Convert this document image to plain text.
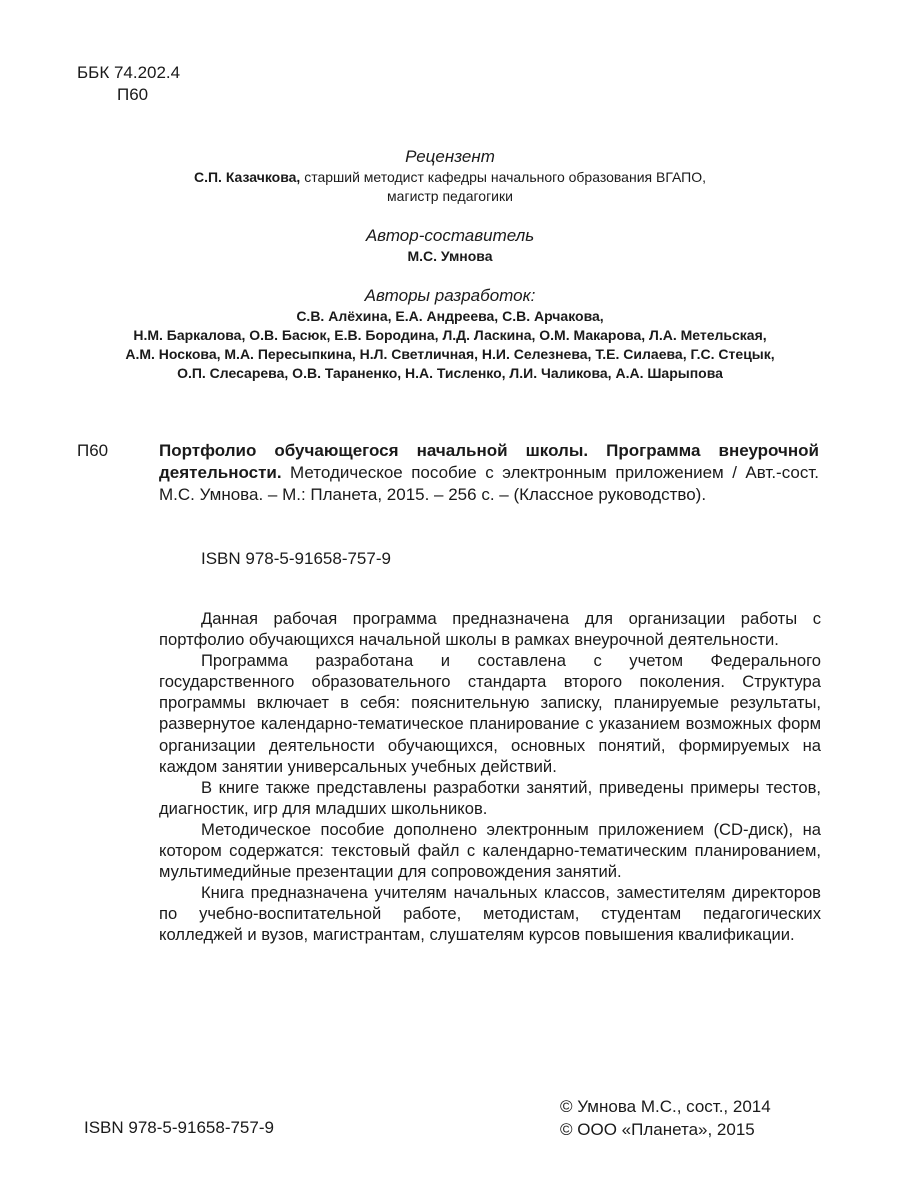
ББК 74.202.4
П60
Рецензент
С.П. Казачкова, старший методист кафедры начального образования ВГАПО,
магистр педагогики
Автор-составитель
М.С. Умнова
Авторы разработок:
С.В. Алёхина, Е.А. Андреева, С.В. Арчакова,
Н.М. Баркалова, О.В. Басюк, Е.В. Бородина, Л.Д. Ласкина, О.М. Макарова, Л.А. Метельская,
А.М. Носкова, М.А. Пересыпкина, Н.Л. Светличная, Н.И. Селезнева, Т.Е. Силаева, Г.С. Стецык,
О.П. Слесарева, О.В. Тараненко, Н.А. Тисленко, Л.И. Чаликова, А.А. Шарыпова
П60	Портфолио обучающегося начальной школы. Программа внеурочной деятельности. Методическое пособие с электронным приложением / Авт.-сост. М.С. Умнова. – М.: Планета, 2015. – 256 с. – (Классное руководство).
ISBN 978-5-91658-757-9

Данная рабочая программа предназначена для организации работы с портфолио обучающихся начальной школы в рамках внеурочной деятельности.

Программа разработана и составлена с учетом Федерального государственного образовательного стандарта второго поколения. Структура программы включает в себя: пояснительную записку, планируемые результаты, развернутое календарно-тематическое планирование с указанием возможных форм организации деятельности обучающихся, основных понятий, формируемых на каждом занятии универсальных учебных действий.

В книге также представлены разработки занятий, приведены примеры тестов, диагностик, игр для младших школьников.

Методическое пособие дополнено электронным приложением (CD-диск), на котором содержатся: текстовый файл с календарно-тематическим планированием, мультимедийные презентации для сопровождения занятий.

Книга предназначена учителям начальных классов, заместителям директоров по учебно-воспитательной работе, методистам, студентам педагогических колледжей и вузов, магистрантам, слушателям курсов повышения квалификации.

ISBN 978-5-91658-757-9
© Умнова М.С., сост., 2014
© ООО «Планета», 2015
